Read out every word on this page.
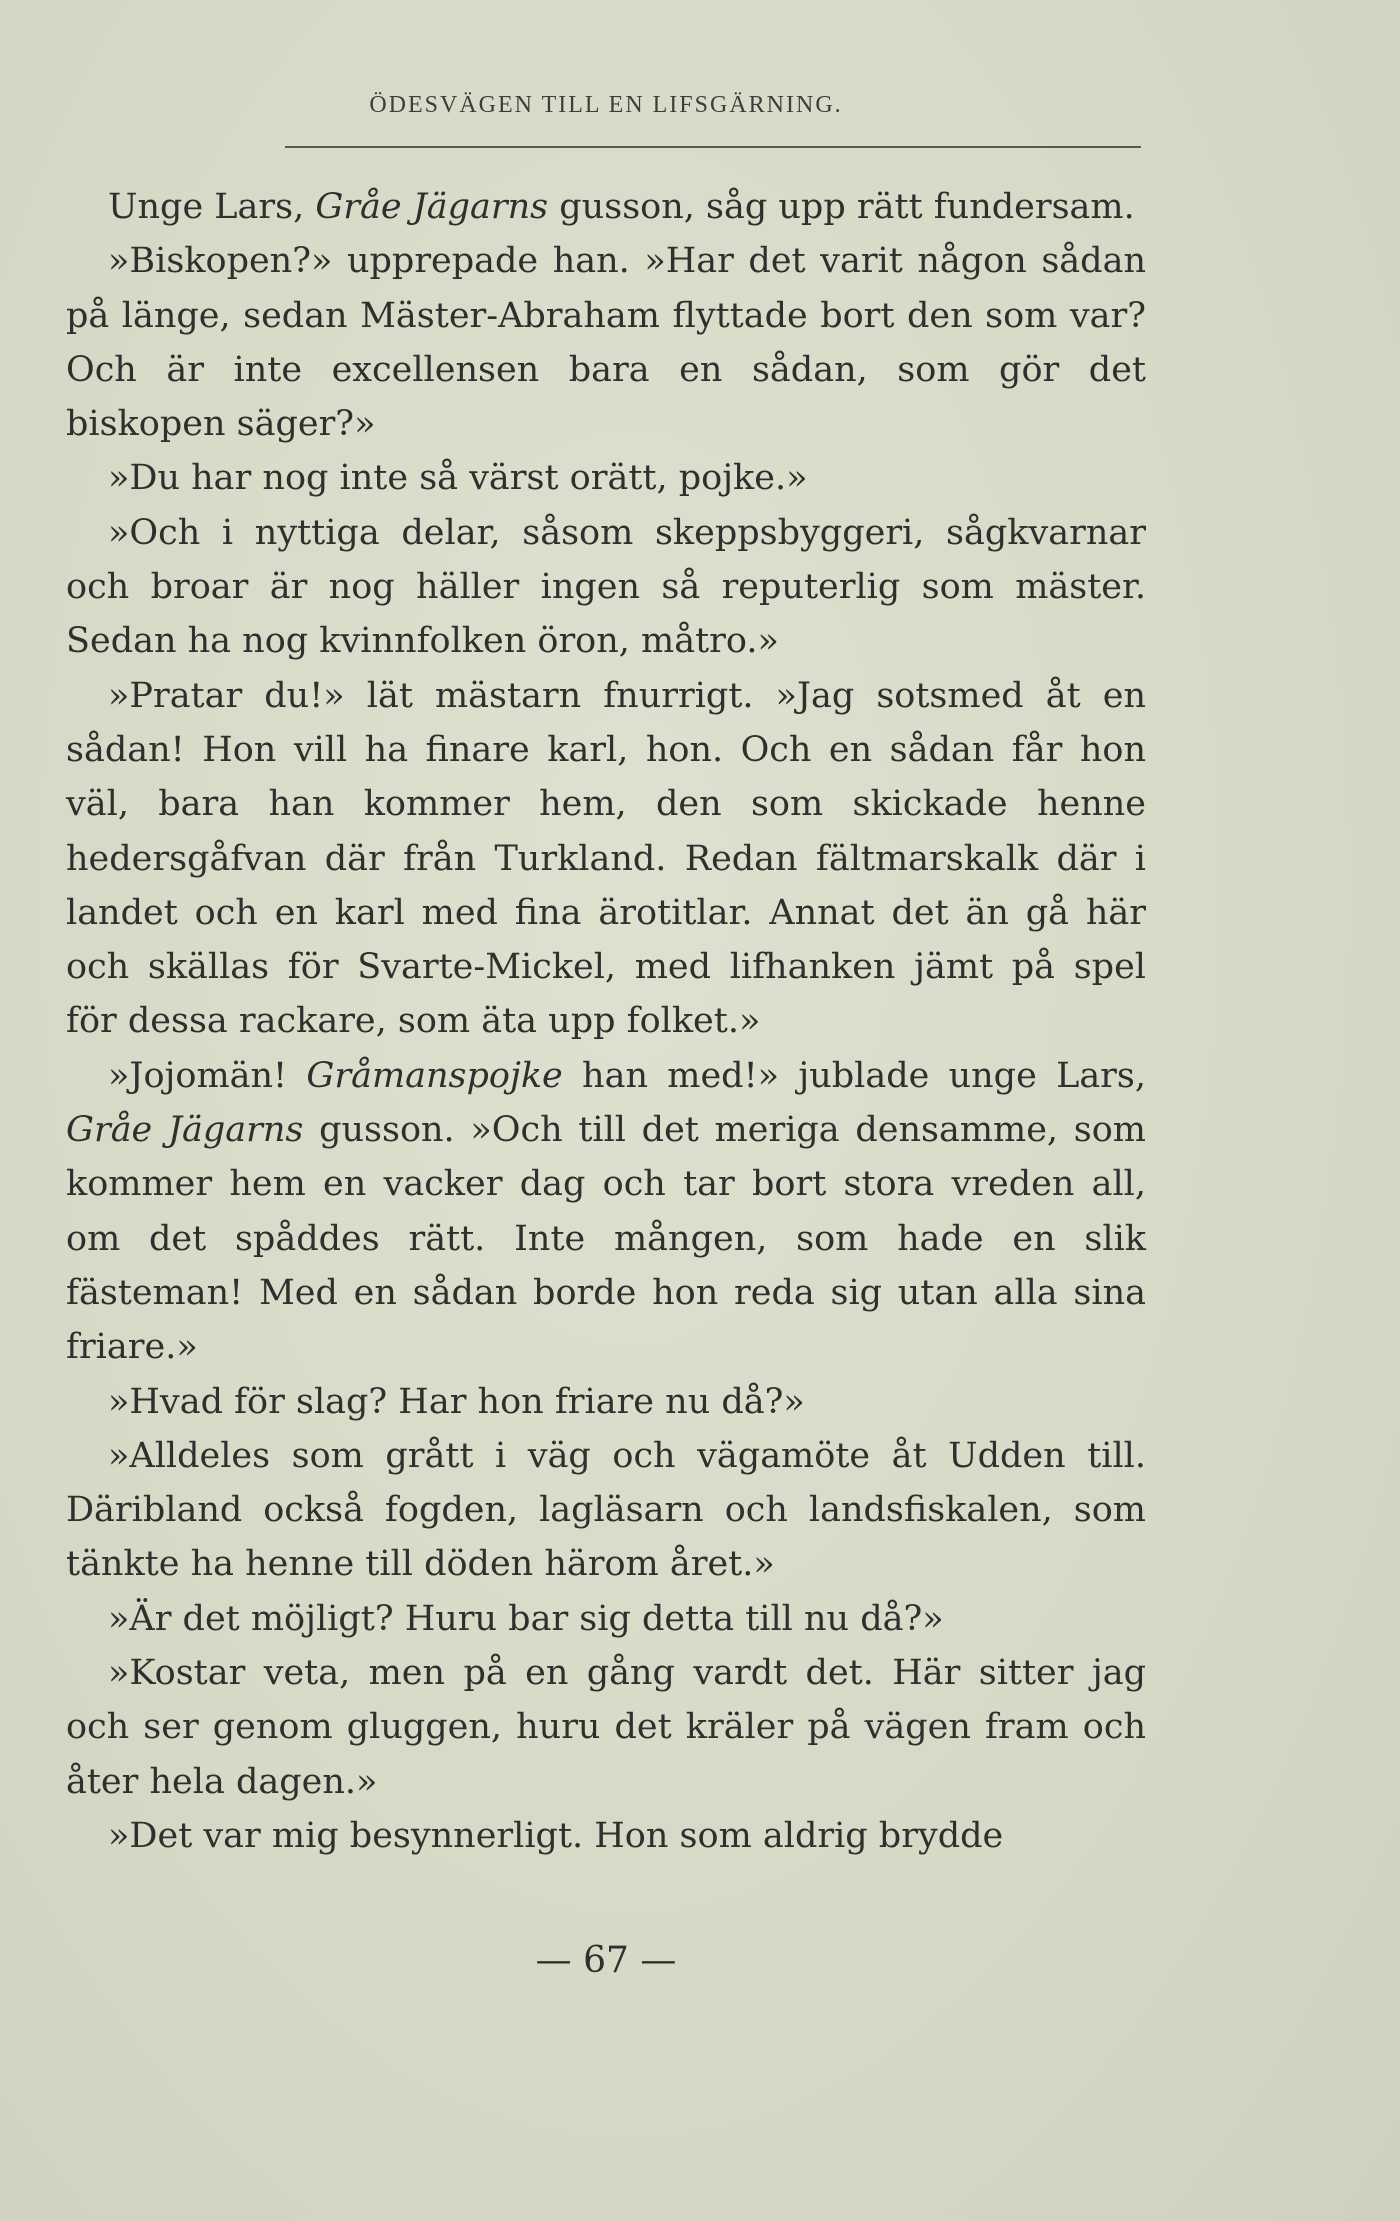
ÖDESVÄGEN TILL EN LIFSGÄRNING.

Unge Lars, Gråe Jägarns gusson, såg upp rätt fundersam.

»Biskopen?» upprepade han. »Har det varit någon sådan på länge, sedan Mäster-Abraham flyttade bort den som var? Och är inte excellensen bara en sådan, som gör det biskopen säger?»

»Du har nog inte så värst orätt, pojke.»

»Och i nyttiga delar, såsom skeppsbyggeri, sågkvarnar och broar är nog häller ingen så reputerlig som mäster. Sedan ha nog kvinnfolken öron, måtro.»

»Pratar du!» lät mästarn fnurrigt. »Jag sotsmed åt en sådan! Hon vill ha finare karl, hon. Och en sådan får hon väl, bara han kommer hem, den som skickade henne hedersgåfvan där från Turkland. Redan fältmarskalk där i landet och en karl med fina ärotitlar. Annat det än gå här och skällas för Svarte-Mickel, med lifhanken jämt på spel för dessa rackare, som äta upp folket.»

»Jojomän! Gråmanspojke han med!» jublade unge Lars, Gråe Jägarns gusson. »Och till det meriga densamme, som kommer hem en vacker dag och tar bort stora vreden all, om det spåddes rätt. Inte mången, som hade en slik fästeman! Med en sådan borde hon reda sig utan alla sina friare.»

»Hvad för slag? Har hon friare nu då?»

»Alldeles som grått i väg och vägamöte åt Udden till. Däribland också fogden, lagläsarn och landsfiskalen, som tänkte ha henne till döden härom året.»

»Är det möjligt? Huru bar sig detta till nu då?»

»Kostar veta, men på en gång vardt det. Här sitter jag och ser genom gluggen, huru det kräler på vägen fram och åter hela dagen.»

»Det var mig besynnerligt. Hon som aldrig brydde

— 67 —
